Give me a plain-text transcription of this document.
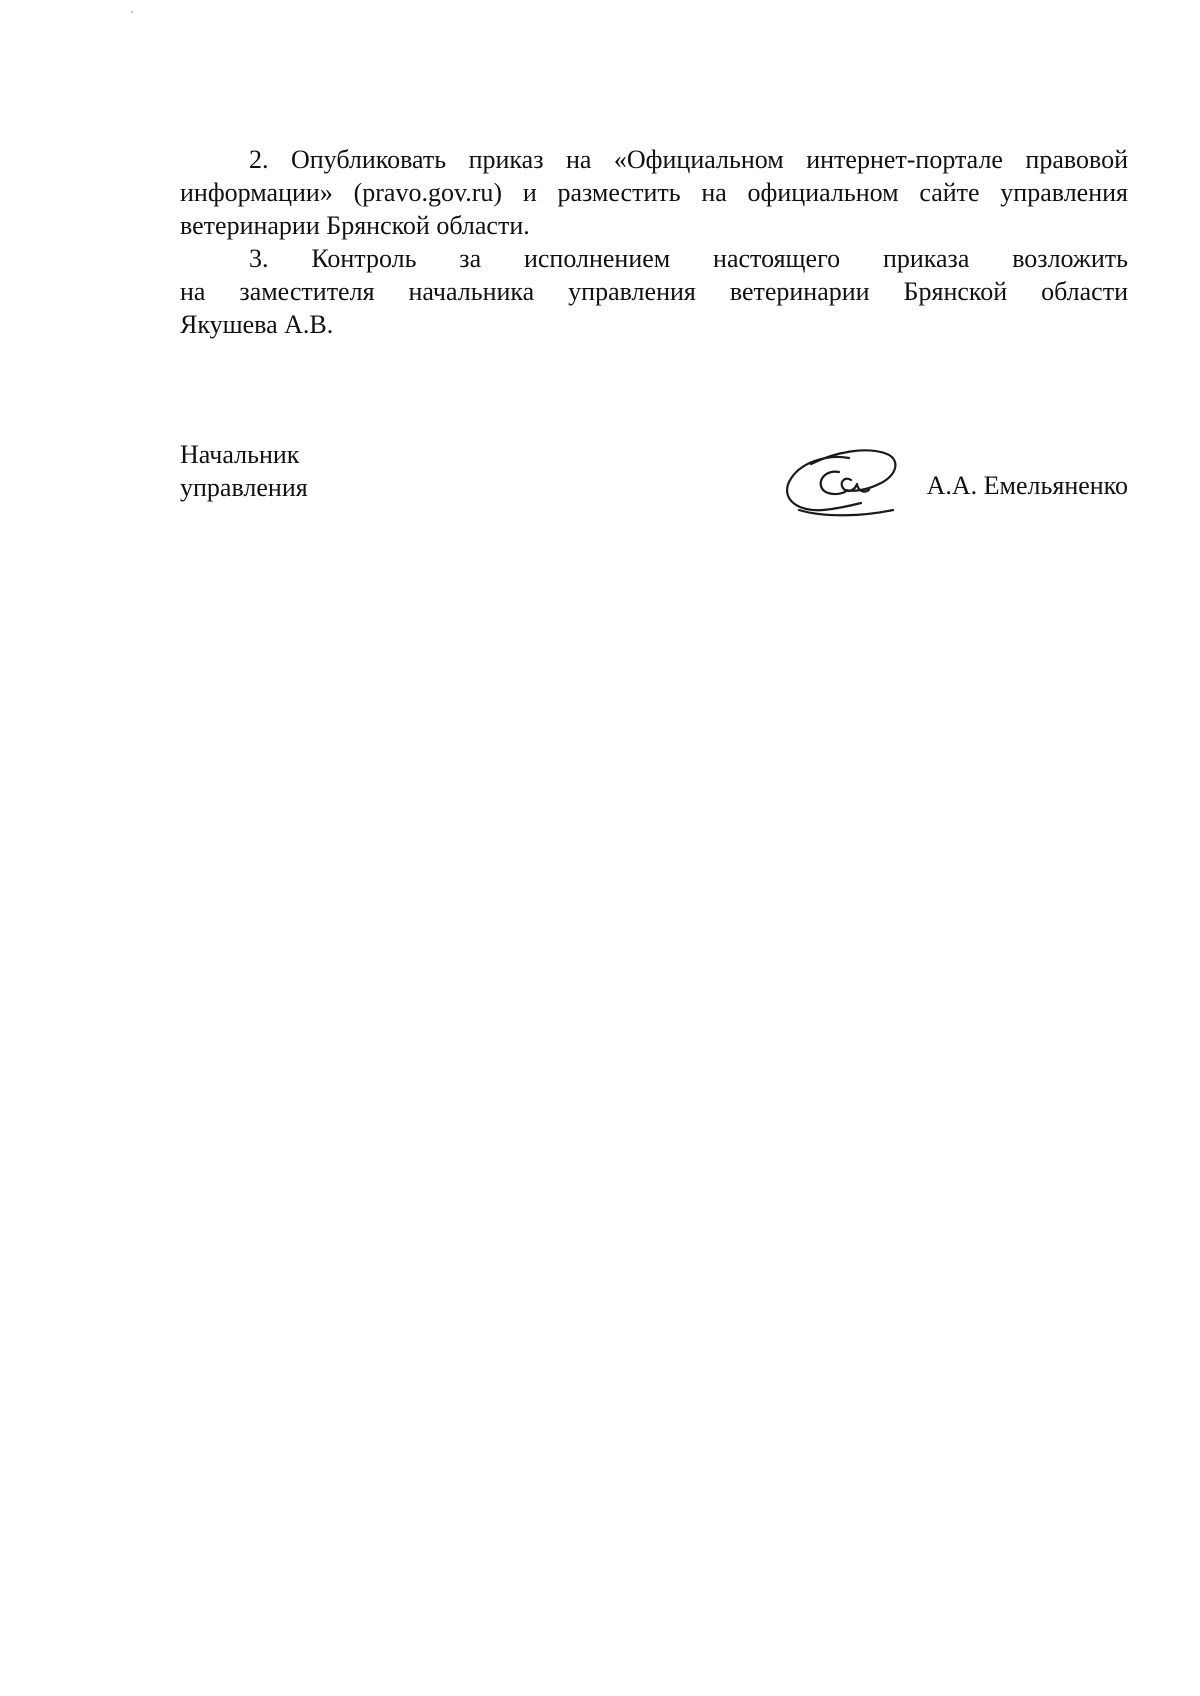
2. Опубликовать приказ на «Официальном интернет-портале правовой
информации» (pravo.gov.ru) и разместить на официальном сайте управления
ветеринарии Брянской области.

3. Контроль за исполнением настоящего приказа возложить
на заместителя начальника управления ветеринарии Брянской области
Якушева А.В.

Начальник
управления	А.А. Емельяненко
